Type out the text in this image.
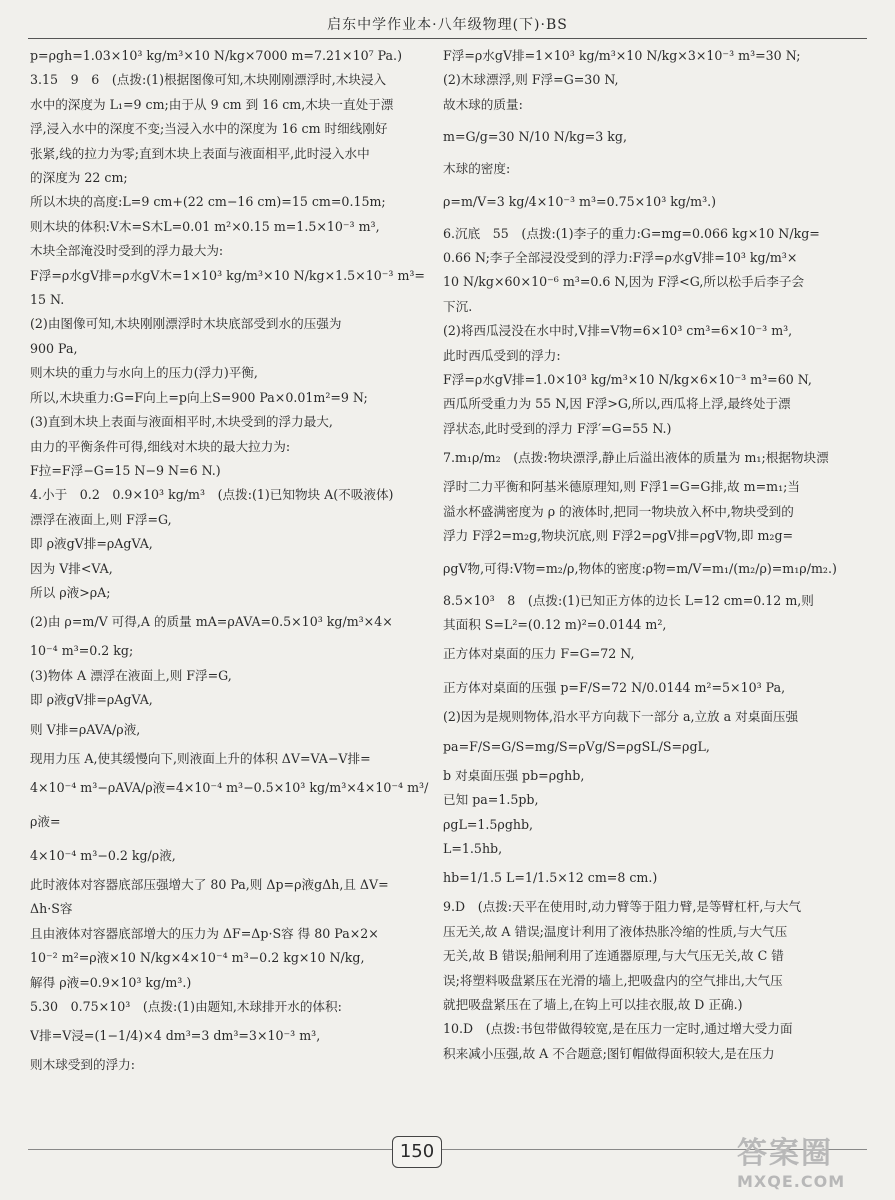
启东中学作业本·八年级物理(下)·BS

p=ρgh=1.03×10³ kg/m³×10 N/kg×7000 m=7.21×10⁷ Pa.)

3.15　9　6　(点拨:(1)根据图像可知,木块刚刚漂浮时,木块浸入

水中的深度为 L₁=9 cm;由于从 9 cm 到 16 cm,木块一直处于漂

浮,浸入水中的深度不变;当浸入水中的深度为 16 cm 时细线刚好

张紧,线的拉力为零;直到木块上表面与液面相平,此时浸入水中

的深度为 22 cm;

所以木块的高度:L=9 cm+(22 cm−16 cm)=15 cm=0.15m;

则木块的体积:V木=S木L=0.01 m²×0.15 m=1.5×10⁻³ m³,

木块全部淹没时受到的浮力最大为:

F浮=ρ水gV排=ρ水gV木=1×10³ kg/m³×10 N/kg×1.5×10⁻³ m³=

15 N.

(2)由图像可知,木块刚刚漂浮时木块底部受到水的压强为

900 Pa,

则木块的重力与水向上的压力(浮力)平衡,

所以,木块重力:G=F向上=p向上S=900 Pa×0.01m²=9 N;

(3)直到木块上表面与液面相平时,木块受到的浮力最大,

由力的平衡条件可得,细线对木块的最大拉力为:

F拉=F浮−G=15 N−9 N=6 N.)

4.小于　0.2　0.9×10³ kg/m³　(点拨:(1)已知物块 A(不吸液体)

漂浮在液面上,则 F浮=G,

即 ρ液gV排=ρAgVA,

因为 V排<VA,

所以 ρ液>ρA;

(2)由 ρ=m/V 可得,A 的质量 mA=ρAVA=0.5×10³ kg/m³×4×

10⁻⁴ m³=0.2 kg;

(3)物体 A 漂浮在液面上,则 F浮=G,

即 ρ液gV排=ρAgVA,

则 V排=ρAVA/ρ液,

现用力压 A,使其缓慢向下,则液面上升的体积 ΔV=VA−V排=

4×10⁻⁴ m³−ρAVA/ρ液=4×10⁻⁴ m³−0.5×10³ kg/m³×4×10⁻⁴ m³/ρ液=

4×10⁻⁴ m³−0.2 kg/ρ液,

此时液体对容器底部压强增大了 80 Pa,则 Δp=ρ液gΔh,且 ΔV=

Δh·S容

且由液体对容器底部增大的压力为 ΔF=Δp·S容 得 80 Pa×2×

10⁻² m²=ρ液×10 N/kg×4×10⁻⁴ m³−0.2 kg×10 N/kg,

解得 ρ液=0.9×10³ kg/m³.)

5.30　0.75×10³　(点拨:(1)由题知,木球排开水的体积:

V排=V浸=(1−1/4)×4 dm³=3 dm³=3×10⁻³ m³,

则木球受到的浮力:

F浮=ρ水gV排=1×10³ kg/m³×10 N/kg×3×10⁻³ m³=30 N;

(2)木球漂浮,则 F浮=G=30 N,

故木球的质量:

m=G/g=30 N/10 N/kg=3 kg,

木球的密度:

ρ=m/V=3 kg/4×10⁻³ m³=0.75×10³ kg/m³.)

6.沉底　55　(点拨:(1)李子的重力:G=mg=0.066 kg×10 N/kg=

0.66 N;李子全部浸没受到的浮力:F浮=ρ水gV排=10³ kg/m³×

10 N/kg×60×10⁻⁶ m³=0.6 N,因为 F浮<G,所以松手后李子会

下沉.

(2)将西瓜浸没在水中时,V排=V物=6×10³ cm³=6×10⁻³ m³,

此时西瓜受到的浮力:

F浮=ρ水gV排=1.0×10³ kg/m³×10 N/kg×6×10⁻³ m³=60 N,

西瓜所受重力为 55 N,因 F浮>G,所以,西瓜将上浮,最终处于漂

浮状态,此时受到的浮力 F浮′=G=55 N.)

7.m₁ρ/m₂　(点拨:物块漂浮,静止后溢出液体的质量为 m₁;根据物块漂

浮时二力平衡和阿基米德原理知,则 F浮1=G=G排,故 m=m₁;当

溢水杯盛满密度为 ρ 的液体时,把同一物块放入杯中,物块受到的

浮力 F浮2=m₂g,物块沉底,则 F浮2=ρgV排=ρgV物,即 m₂g=

ρgV物,可得:V物=m₂/ρ,物体的密度:ρ物=m/V=m₁/(m₂/ρ)=m₁ρ/m₂.)

8.5×10³　8　(点拨:(1)已知正方体的边长 L=12 cm=0.12 m,则

其面积 S=L²=(0.12 m)²=0.0144 m²,

正方体对桌面的压力 F=G=72 N,

正方体对桌面的压强 p=F/S=72 N/0.0144 m²=5×10³ Pa,

(2)因为是规则物体,沿水平方向裁下一部分 a,立放 a 对桌面压强

pa=F/S=G/S=mg/S=ρVg/S=ρgSL/S=ρgL,

b 对桌面压强 pb=ρghb,

已知 pa=1.5pb,

ρgL=1.5ρghb,

L=1.5hb,

hb=1/1.5 L=1/1.5×12 cm=8 cm.)

9.D　(点拨:天平在使用时,动力臂等于阻力臂,是等臂杠杆,与大气

压无关,故 A 错误;温度计利用了液体热胀冷缩的性质,与大气压

无关,故 B 错误;船闸利用了连通器原理,与大气压无关,故 C 错

误;将塑料吸盘紧压在光滑的墙上,把吸盘内的空气排出,大气压

就把吸盘紧压在了墙上,在钩上可以挂衣服,故 D 正确.)

10.D　(点拨:书包带做得较宽,是在压力一定时,通过增大受力面

积来减小压强,故 A 不合题意;图钉帽做得面积较大,是在压力

150	答案圈
MXQE.COM
